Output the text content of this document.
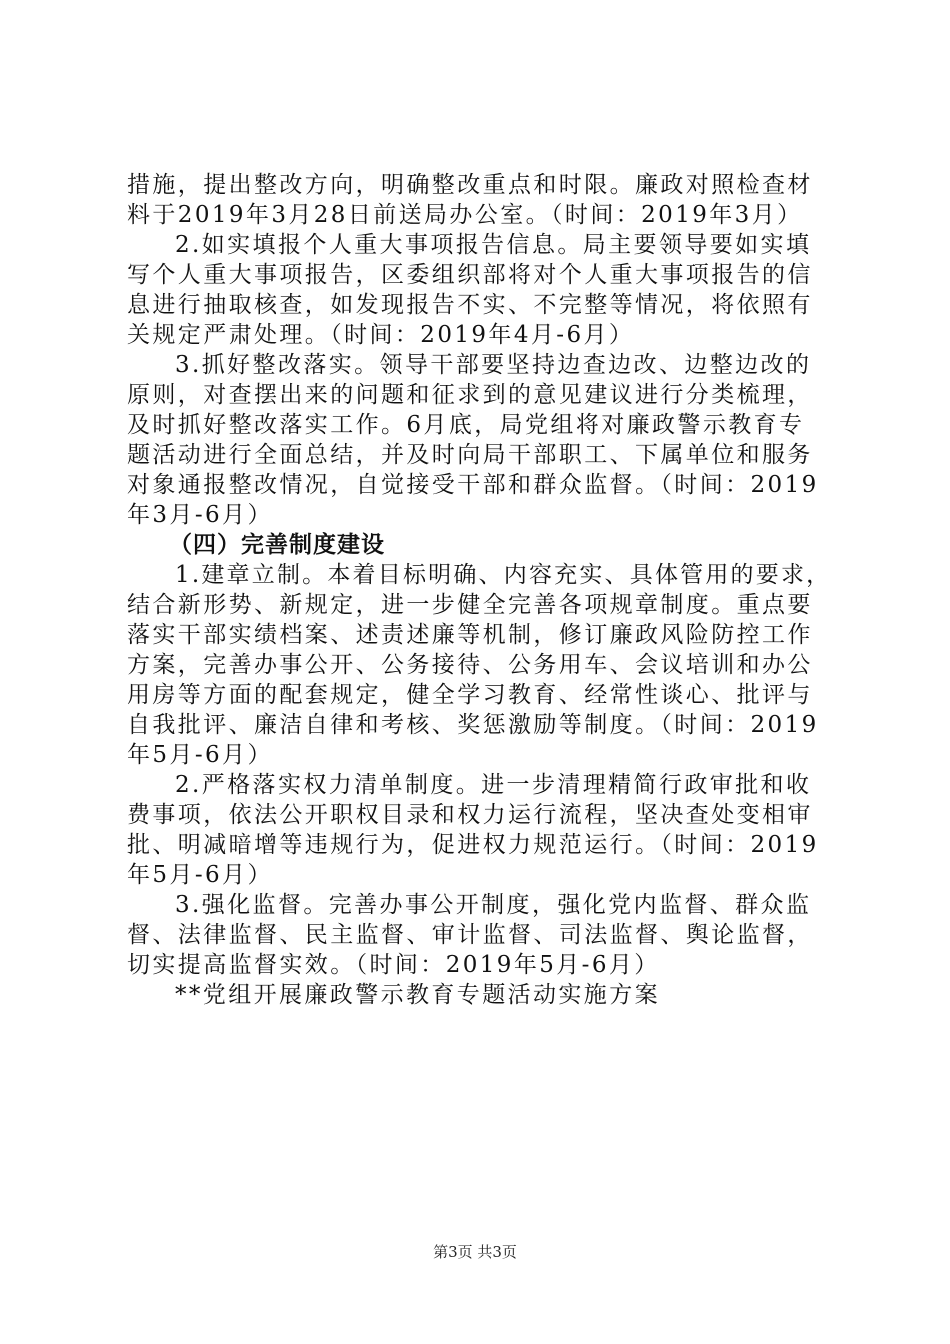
措施，提出整改方向，明确整改重点和时限。廉政对照检查材
料于2019年3月28日前送局办公室。（时间：2019年3月）
2.如实填报个人重大事项报告信息。局主要领导要如实填
写个人重大事项报告，区委组织部将对个人重大事项报告的信
息进行抽取核查，如发现报告不实、不完整等情况，将依照有
关规定严肃处理。（时间：2019年4月-6月）
3.抓好整改落实。领导干部要坚持边查边改、边整边改的
原则，对查摆出来的问题和征求到的意见建议进行分类梳理，
及时抓好整改落实工作。6月底，局党组将对廉政警示教育专
题活动进行全面总结，并及时向局干部职工、下属单位和服务
对象通报整改情况，自觉接受干部和群众监督。（时间：2019
年3月-6月）
（四）完善制度建设
1.建章立制。本着目标明确、内容充实、具体管用的要求，
结合新形势、新规定，进一步健全完善各项规章制度。重点要
落实干部实绩档案、述责述廉等机制，修订廉政风险防控工作
方案，完善办事公开、公务接待、公务用车、会议培训和办公
用房等方面的配套规定，健全学习教育、经常性谈心、批评与
自我批评、廉洁自律和考核、奖惩激励等制度。（时间：2019
年5月-6月）
2.严格落实权力清单制度。进一步清理精简行政审批和收
费事项，依法公开职权目录和权力运行流程，坚决查处变相审
批、明减暗增等违规行为，促进权力规范运行。（时间：2019
年5月-6月）
3.强化监督。完善办事公开制度，强化党内监督、群众监
督、法律监督、民主监督、审计监督、司法监督、舆论监督，
切实提高监督实效。（时间：2019年5月-6月）
**党组开展廉政警示教育专题活动实施方案
第3页 共3页
